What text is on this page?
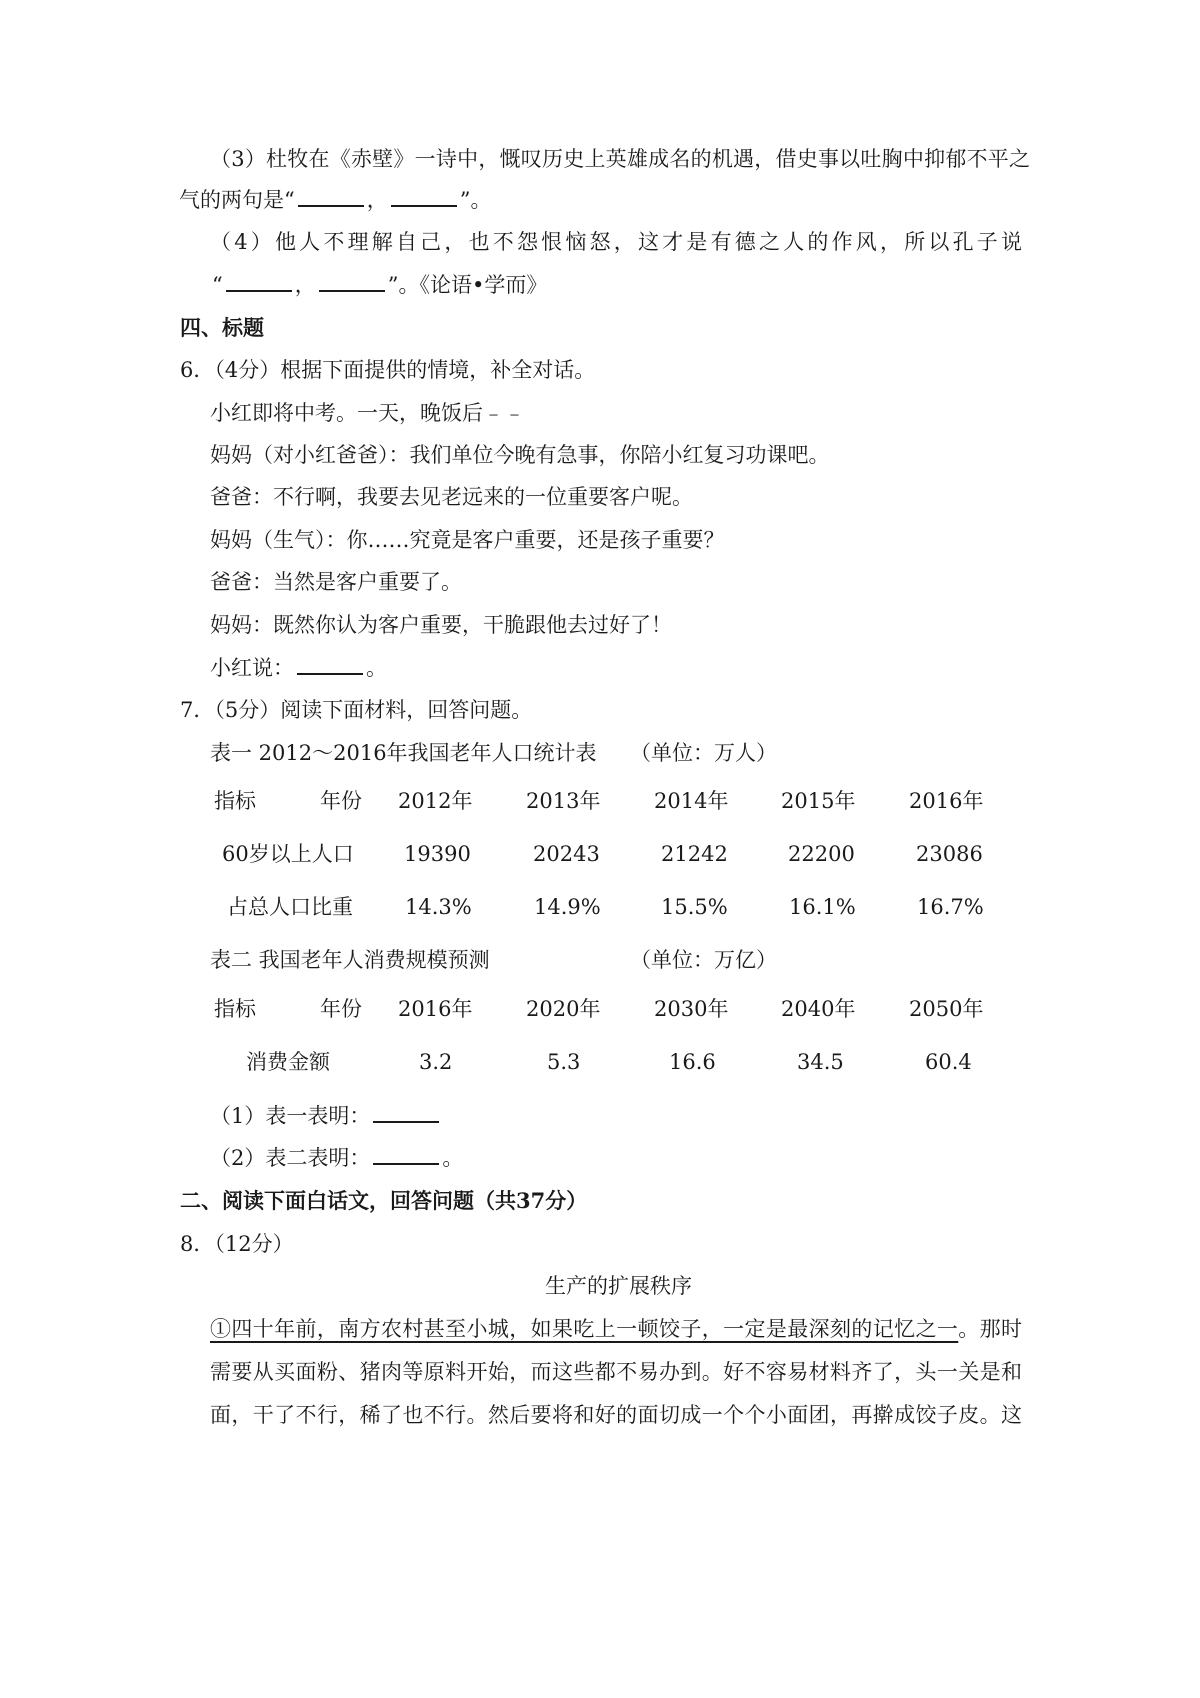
（3）杜牧在《赤壁》一诗中，慨叹历史上英雄成名的机遇，借史事以吐胸中抑郁不平之
气的两句是“	，	”。
（4）他人不理解自己，也不怨恨恼怒，这才是有德之人的作风，所以孔子说
“	，	”。《论语•学而》
四、标题
6．（4分）根据下面提供的情境，补全对话。
小红即将中考。一天，晚饭后﹣﹣
妈妈（对小红爸爸）：我们单位今晚有急事，你陪小红复习功课吧。
爸爸：不行啊，我要去见老远来的一位重要客户呢。
妈妈（生气）：你……究竟是客户重要，还是孩子重要？
爸爸：当然是客户重要了。
妈妈：既然你认为客户重要，干脆跟他去过好了！
小红说：	。
7．（5分）阅读下面材料，回答问题。
表一 2012～2016年我国老年人口统计表 （单位：万人）
指标	年份 2012年	2013年	2014年	2015年	2016年
60岁以上人口 19390	20243	21242	22200	23086
占总人口比重 14.3%	14.9%	15.5%	16.1%	16.7%
表二 我国老年人消费规模预测	（单位：万亿）
指标	年份 2016年	2020年	2030年	2040年	2050年
消费金额	3.2	5.3	16.6	34.5	60.4
（1）表一表明：
（2）表二表明：	。
二、阅读下面白话文，回答问题（共37分）
8．（12分）
生产的扩展秩序
①四十年前，南方农村甚至小城，如果吃上一顿饺子，一定是最深刻的记忆之一。那时
需要从买面粉、猪肉等原料开始，而这些都不易办到。好不容易材料齐了，头一关是和
面，干了不行，稀了也不行。然后要将和好的面切成一个个小面团，再擀成饺子皮。这
